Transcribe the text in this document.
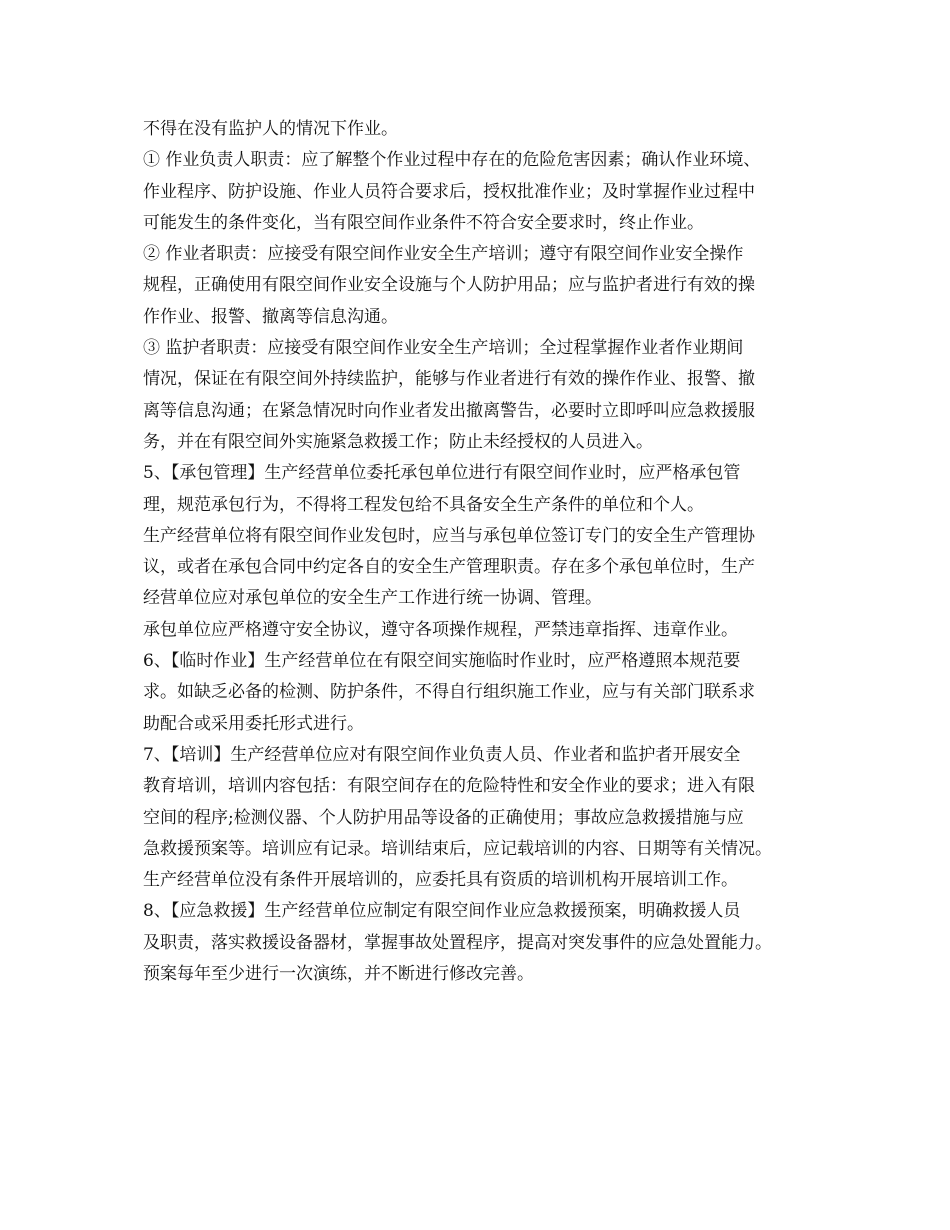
不得在没有监护人的情况下作业。
① 作业负责人职责：应了解整个作业过程中存在的危险危害因素；确认作业环境、
作业程序、防护设施、作业人员符合要求后，授权批准作业；及时掌握作业过程中
可能发生的条件变化，当有限空间作业条件不符合安全要求时，终止作业。
② 作业者职责：应接受有限空间作业安全生产培训；遵守有限空间作业安全操作
规程，正确使用有限空间作业安全设施与个人防护用品；应与监护者进行有效的操
作作业、报警、撤离等信息沟通。
③ 监护者职责：应接受有限空间作业安全生产培训；全过程掌握作业者作业期间
情况，保证在有限空间外持续监护，能够与作业者进行有效的操作作业、报警、撤
离等信息沟通；在紧急情况时向作业者发出撤离警告，必要时立即呼叫应急救援服
务，并在有限空间外实施紧急救援工作；防止未经授权的人员进入。
5、【承包管理】生产经营单位委托承包单位进行有限空间作业时，应严格承包管
理，规范承包行为，不得将工程发包给不具备安全生产条件的单位和个人。
生产经营单位将有限空间作业发包时，应当与承包单位签订专门的安全生产管理协
议，或者在承包合同中约定各自的安全生产管理职责。存在多个承包单位时，生产
经营单位应对承包单位的安全生产工作进行统一协调、管理。
承包单位应严格遵守安全协议，遵守各项操作规程，严禁违章指挥、违章作业。
6、【临时作业】生产经营单位在有限空间实施临时作业时，应严格遵照本规范要
求。如缺乏必备的检测、防护条件，不得自行组织施工作业，应与有关部门联系求
助配合或采用委托形式进行。
7、【培训】生产经营单位应对有限空间作业负责人员、作业者和监护者开展安全
教育培训，培训内容包括：有限空间存在的危险特性和安全作业的要求；进入有限
空间的程序;检测仪器、个人防护用品等设备的正确使用；事故应急救援措施与应
急救援预案等。培训应有记录。培训结束后，应记载培训的内容、日期等有关情况。
生产经营单位没有条件开展培训的，应委托具有资质的培训机构开展培训工作。
8、【应急救援】生产经营单位应制定有限空间作业应急救援预案，明确救援人员
及职责，落实救援设备器材，掌握事故处置程序，提高对突发事件的应急处置能力。
预案每年至少进行一次演练，并不断进行修改完善。
